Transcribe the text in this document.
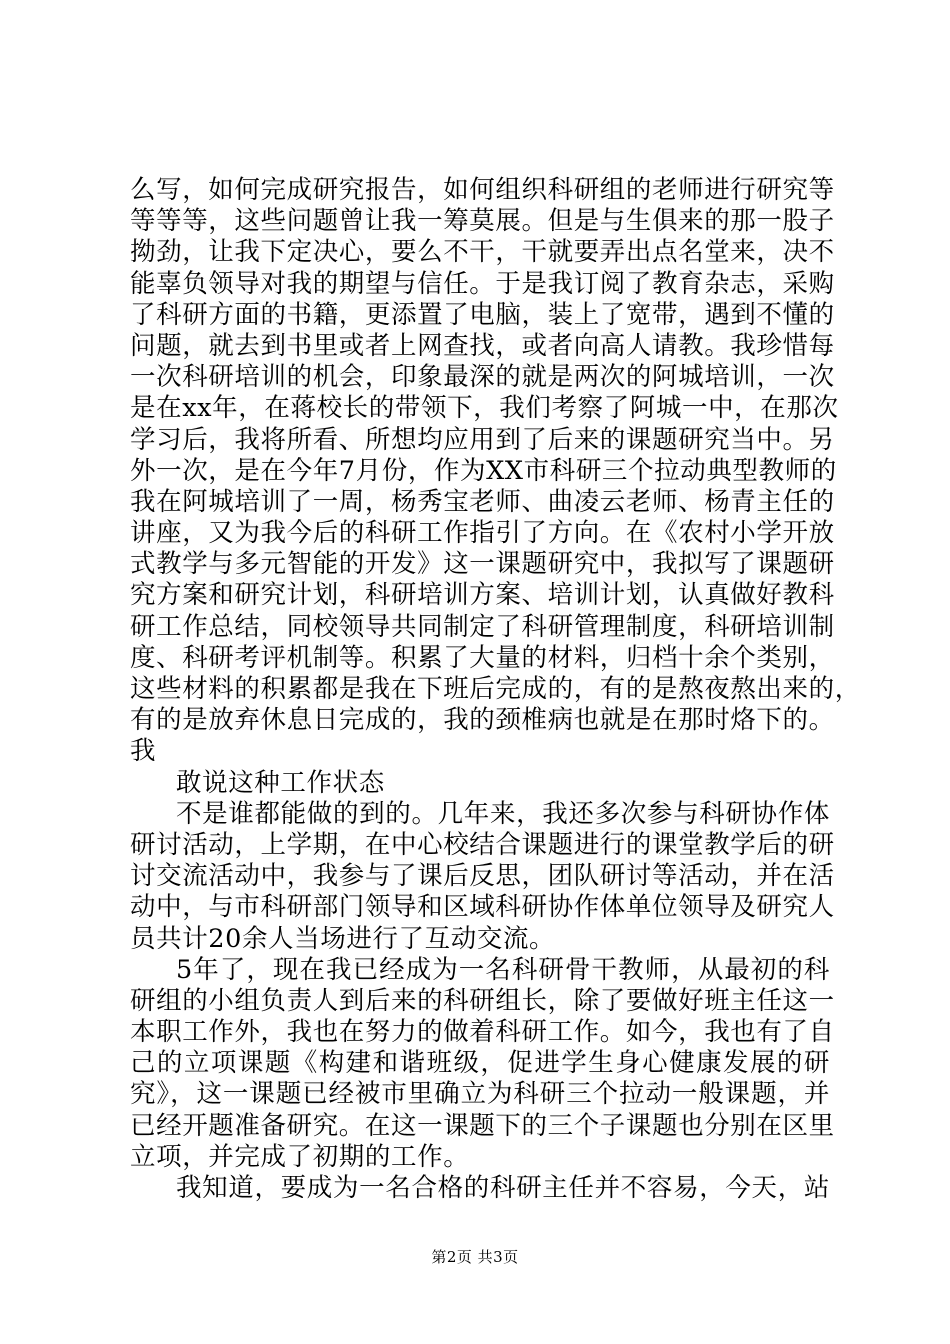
么写，如何完成研究报告，如何组织科研组的老师进行研究等
等等等，这些问题曾让我一筹莫展。但是与生俱来的那一股子
拗劲，让我下定决心，要么不干，干就要弄出点名堂来，决不
能辜负领导对我的期望与信任。于是我订阅了教育杂志，采购
了科研方面的书籍，更添置了电脑，装上了宽带，遇到不懂的
问题，就去到书里或者上网查找，或者向高人请教。我珍惜每
一次科研培训的机会，印象最深的就是两次的阿城培训，一次
是在xx年，在蒋校长的带领下，我们考察了阿城一中，在那次
学习后，我将所看、所想均应用到了后来的课题研究当中。另
外一次，是在今年7月份，作为XX市科研三个拉动典型教师的
我在阿城培训了一周，杨秀宝老师、曲凌云老师、杨青主任的
讲座，又为我今后的科研工作指引了方向。在《农村小学开放
式教学与多元智能的开发》这一课题研究中，我拟写了课题研
究方案和研究计划，科研培训方案、培训计划，认真做好教科
研工作总结，同校领导共同制定了科研管理制度，科研培训制
度、科研考评机制等。积累了大量的材料，归档十余个类别，
这些材料的积累都是我在下班后完成的，有的是熬夜熬出来的，
有的是放弃休息日完成的，我的颈椎病也就是在那时烙下的。
我
敢说这种工作状态
不是谁都能做的到的。几年来，我还多次参与科研协作体
研讨活动，上学期，在中心校结合课题进行的课堂教学后的研
讨交流活动中，我参与了课后反思，团队研讨等活动，并在活
动中，与市科研部门领导和区域科研协作体单位领导及研究人
员共计20余人当场进行了互动交流。
5年了，现在我已经成为一名科研骨干教师，从最初的科
研组的小组负责人到后来的科研组长，除了要做好班主任这一
本职工作外，我也在努力的做着科研工作。如今，我也有了自
己的立项课题《构建和谐班级，促进学生身心健康发展的研
究》，这一课题已经被市里确立为科研三个拉动一般课题，并
已经开题准备研究。在这一课题下的三个子课题也分别在区里
立项，并完成了初期的工作。
我知道，要成为一名合格的科研主任并不容易，今天，站
第2页 共3页
